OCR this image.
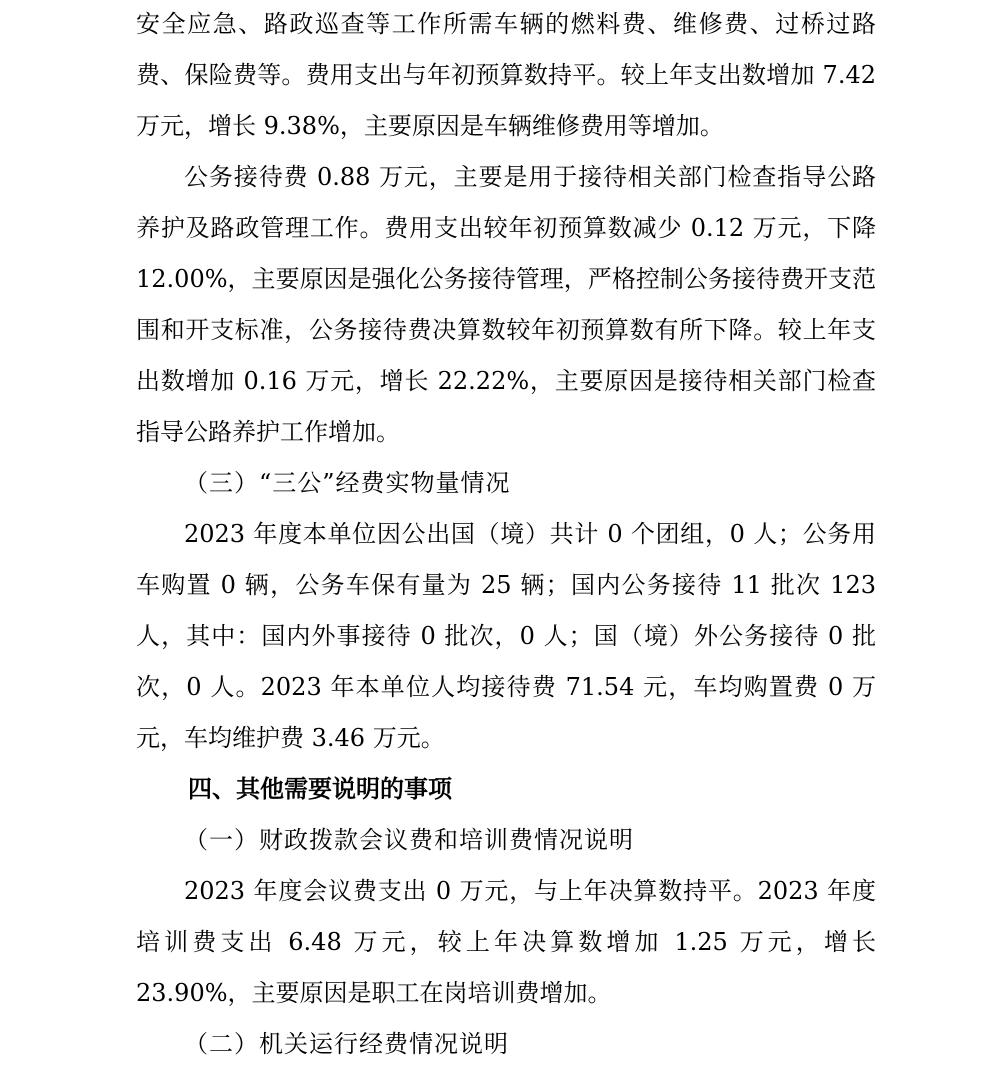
安全应急、路政巡查等工作所需车辆的燃料费、维修费、过桥过路费、保险费等。费用支出与年初预算数持平。较上年支出数增加 7.42 万元，增长 9.38%，主要原因是车辆维修费用等增加。

公务接待费 0.88 万元，主要是用于接待相关部门检查指导公路养护及路政管理工作。费用支出较年初预算数减少 0.12 万元，下降 12.00%，主要原因是强化公务接待管理，严格控制公务接待费开支范围和开支标准，公务接待费决算数较年初预算数有所下降。较上年支出数增加 0.16 万元，增长 22.22%，主要原因是接待相关部门检查指导公路养护工作增加。

（三）“三公”经费实物量情况

2023 年度本单位因公出国（境）共计 0 个团组，0 人；公务用车购置 0 辆，公务车保有量为 25 辆；国内公务接待 11 批次 123 人，其中：国内外事接待 0 批次，0 人；国（境）外公务接待 0 批次，0 人。2023 年本单位人均接待费 71.54 元，车均购置费 0 万元，车均维护费 3.46 万元。

四、其他需要说明的事项

（一）财政拨款会议费和培训费情况说明

2023 年度会议费支出 0 万元，与上年决算数持平。2023 年度培训费支出 6.48 万元，较上年决算数增加 1.25 万元，增长 23.90%，主要原因是职工在岗培训费增加。

（二）机关运行经费情况说明
